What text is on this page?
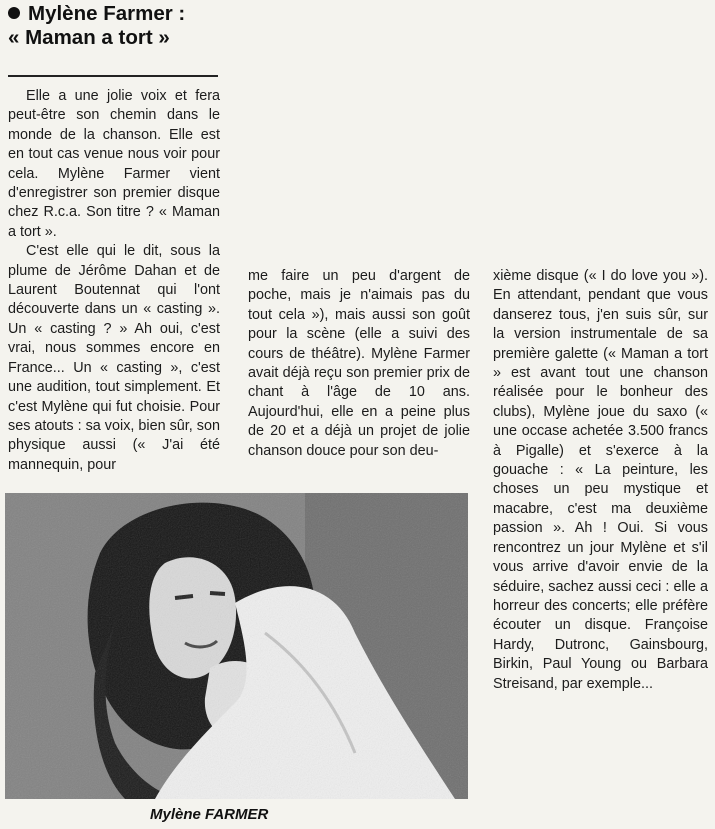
Mylène Farmer :
« Maman a tort »

Elle a une jolie voix et fera peut-être son chemin dans le monde de la chanson. Elle est en tout cas venue nous voir pour cela. Mylène Farmer vient d'enregistrer son premier disque chez R.c.a. Son titre ? « Maman a tort ».

C'est elle qui le dit, sous la plume de Jérôme Dahan et de Laurent Boutennat qui l'ont découverte dans un « casting ». Un « casting ? » Ah oui, c'est vrai, nous sommes encore en France... Un « casting », c'est une audition, tout simplement. Et c'est Mylène qui fut choisie. Pour ses atouts : sa voix, bien sûr, son physique aussi (« J'ai été mannequin, pour

me faire un peu d'argent de poche, mais je n'aimais pas du tout cela »), mais aussi son goût pour la scène (elle a suivi des cours de théâtre). Mylène Farmer avait déjà reçu son premier prix de chant à l'âge de 10 ans. Aujourd'hui, elle en a peine plus de 20 et a déjà un projet de jolie chanson douce pour son deu-

xième disque (« I do love you »). En attendant, pendant que vous danserez tous, j'en suis sûr, sur la version instrumentale de sa première galette (« Maman a tort » est avant tout une chanson réalisée pour le bonheur des clubs), Mylène joue du saxo (« une occase achetée 3.500 francs à Pigalle) et s'exerce à la gouache : « La peinture, les choses un peu mystique et macabre, c'est ma deuxième passion ». Ah ! Oui. Si vous rencontrez un jour Mylène et s'il vous arrive d'avoir envie de la séduire, sachez aussi ceci : elle a horreur des concerts; elle préfère écouter un disque. Françoise Hardy, Dutronc, Gainsbourg, Birkin, Paul Young ou Barbara Streisand, par exemple...

Mylène FARMER
